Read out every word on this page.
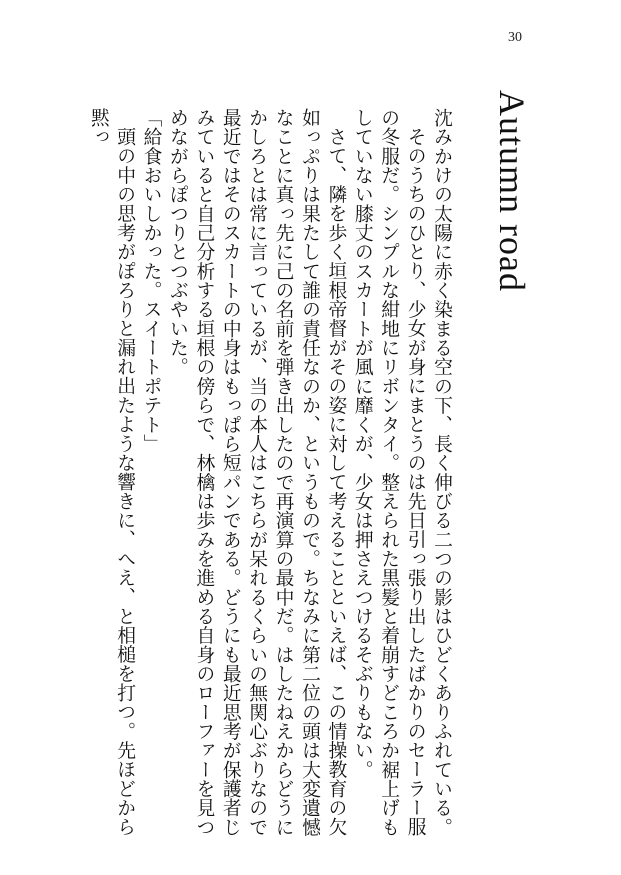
30
Autumn road

沈みかけの太陽に赤く染まる空の下、長く伸びる二つの影はひどくありふれている。

そのうちのひとり、少女が身にまとうのは先日引っ張り出したばかりのセーラー服の冬服だ。シンプルな紺地にリボンタイ。整えられた黒髪と着崩すどころか裾上げもしていない膝丈のスカートが風に靡くが、少女は押さえつけるそぶりもない。

さて、隣を歩く垣根帝督がその姿に対して考えることといえば、この情操教育の欠如っぷりは果たして誰の責任なのか、というもので。ちなみに第二位の頭は大変遺憾なことに真っ先に己の名前を弾き出したので再演算の最中だ。はしたねえからどうにかしろとは常に言っているが、当の本人はこちらが呆れるくらいの無関心ぶりなので最近ではそのスカートの中身はもっぱら短パンである。どうにも最近思考が保護者じみていると自己分析する垣根の傍らで、林檎は歩みを進める自身のローファーを見つめながらぽつりとつぶやいた。

「給食おいしかった。スイートポテト」

頭の中の思考がぽろりと漏れ出たような響きに、へえ、と相槌を打つ。先ほどから黙っ
